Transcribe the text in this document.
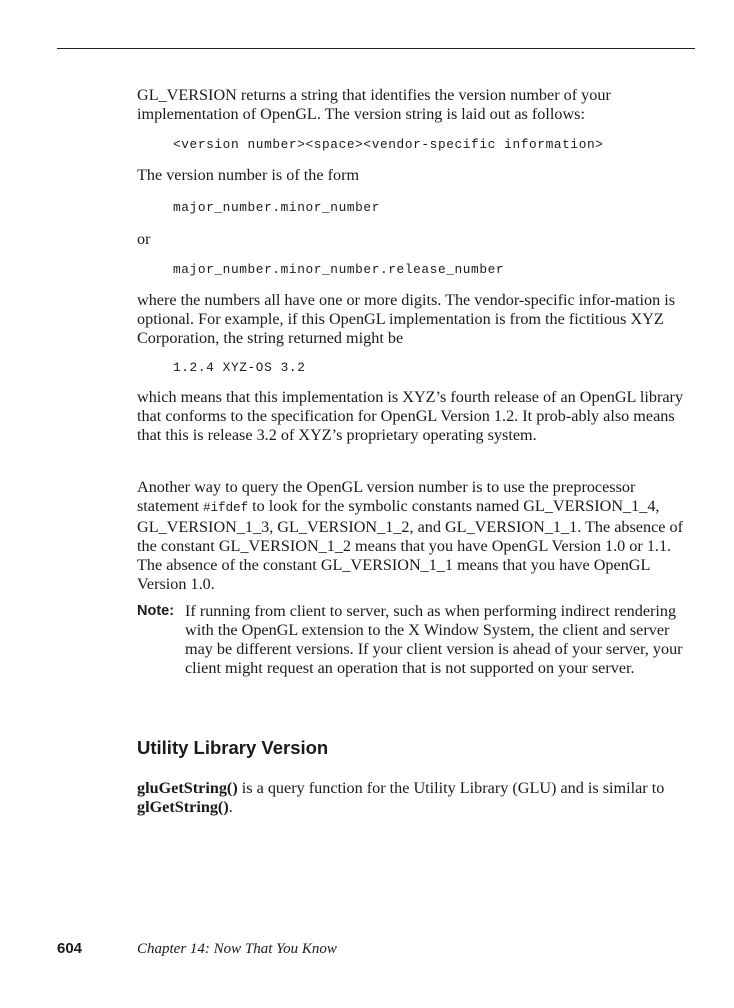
GL_VERSION returns a string that identifies the version number of your implementation of OpenGL. The version string is laid out as follows:

<version number><space><vendor-specific information>

The version number is of the form

major_number.minor_number

or

major_number.minor_number.release_number

where the numbers all have one or more digits. The vendor-specific infor-mation is optional. For example, if this OpenGL implementation is from the fictitious XYZ Corporation, the string returned might be

1.2.4 XYZ-OS 3.2

which means that this implementation is XYZ’s fourth release of an OpenGL library that conforms to the specification for OpenGL Version 1.2. It prob-ably also means that this is release 3.2 of XYZ’s proprietary operating system.

Another way to query the OpenGL version number is to use the preprocessor statement #ifdef to look for the symbolic constants named GL_VERSION_1_4, GL_VERSION_1_3, GL_VERSION_1_2, and GL_VERSION_1_1. The absence of the constant GL_VERSION_1_2 means that you have OpenGL Version 1.0 or 1.1. The absence of the constant GL_VERSION_1_1 means that you have OpenGL Version 1.0.

Note: If running from client to server, such as when performing indirect rendering with the OpenGL extension to the X Window System, the client and server may be different versions. If your client version is ahead of your server, your client might request an operation that is not supported on your server.

Utility Library Version

gluGetString() is a query function for the Utility Library (GLU) and is similar to glGetString().

604	Chapter 14: Now That You Know
